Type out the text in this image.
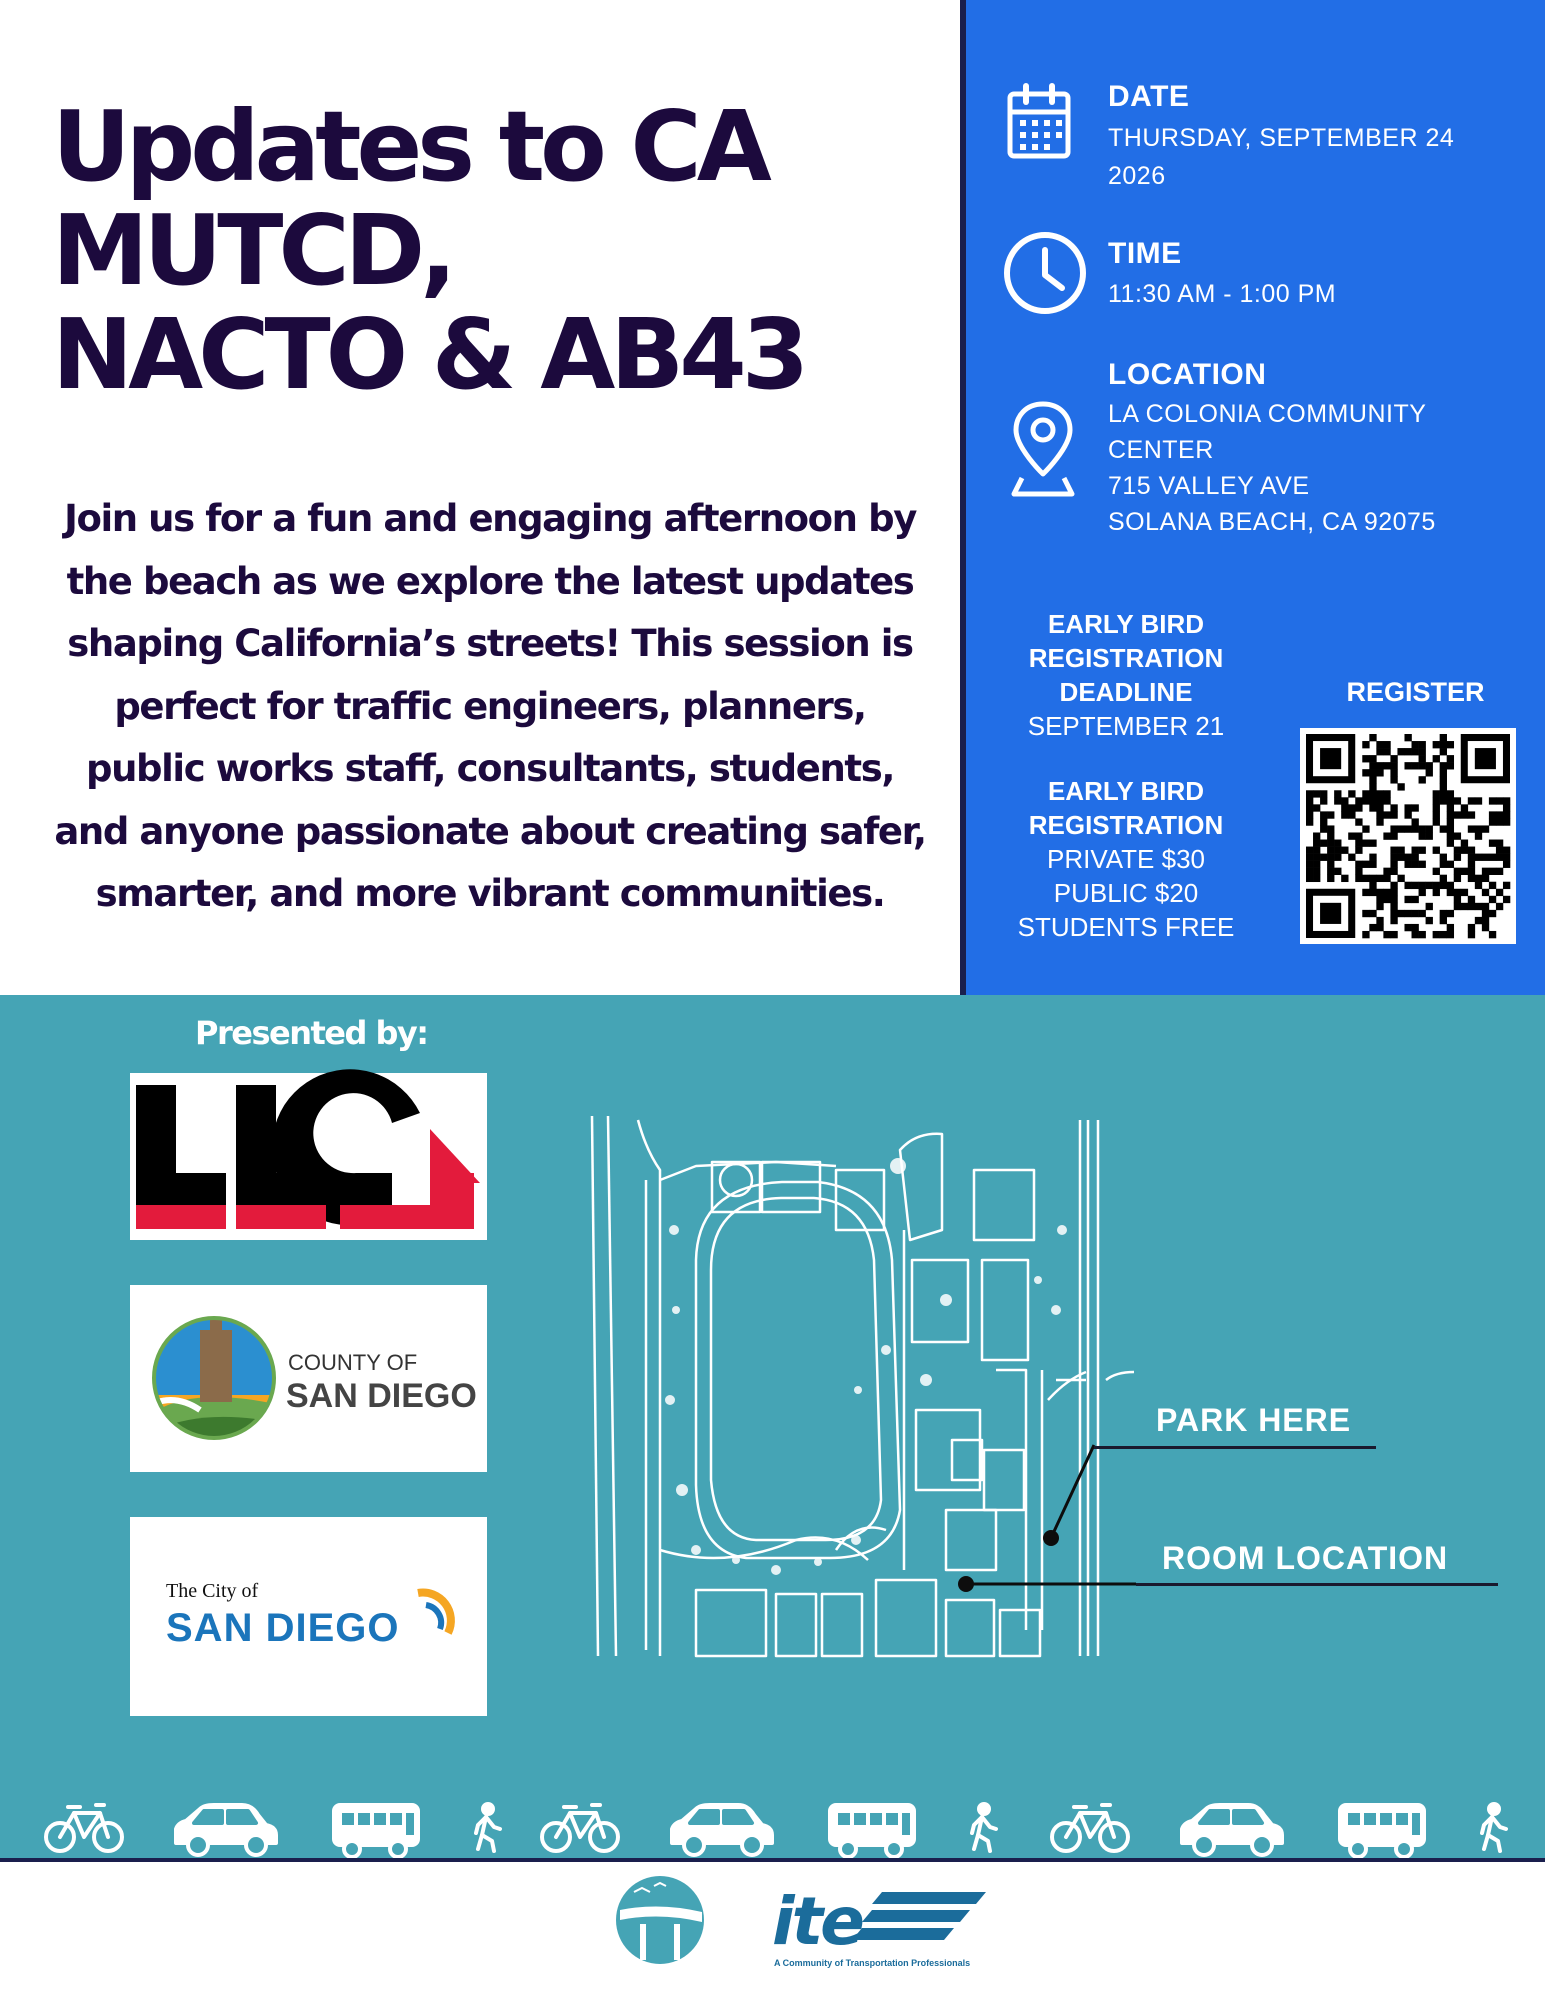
Updates to CA
MUTCD,
NACTO & AB43

Join us for a fun and engaging afternoon by the beach as we explore the latest updates shaping California’s streets! This session is perfect for traffic engineers, planners, public works staff, consultants, students, and anyone passionate about creating safer, smarter, and more vibrant communities.

DATE
THURSDAY, SEPTEMBER 24
2026
TIME
11:30 AM - 1:00 PM
LOCATION
LA COLONIA COMMUNITY
CENTER
715 VALLEY AVE
SOLANA BEACH, CA 92075
EARLY BIRD
REGISTRATION
DEADLINE
SEPTEMBER 21
EARLY BIRD
REGISTRATION
PRIVATE $30
PUBLIC $20
STUDENTS FREE
REGISTER
Presented by:
COUNTY OF
SAN DIEGO
The City of
SAN DIEGO
PARK HERE
ROOM LOCATION
ite
A Community of Transportation Professionals
